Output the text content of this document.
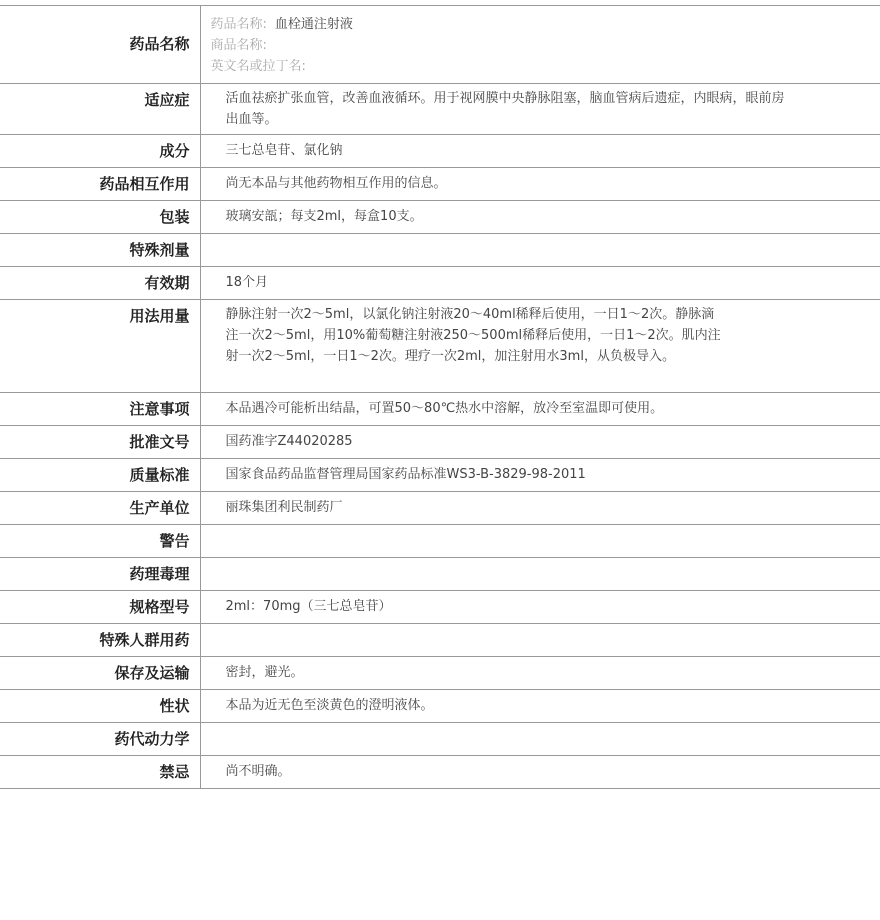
药品名称	药品名称: 血栓通注射液
商品名称:
英文名或拉丁名:

适应症	活血祛瘀扩张血管，改善血液循环。用于视网膜中央静脉阻塞，脑血管病后遗症，内眼病，眼前房出血等。

成分	三七总皂苷、氯化钠
药品相互作用	尚无本品与其他药物相互作用的信息。
包装	玻璃安瓿；每支2ml，每盒10支。
特殊剂量	
有效期	18个月
用法用量	静脉注射一次2～5ml，以氯化钠注射液20～40ml稀释后使用，一日1～2次。静脉滴注一次2～5ml，用10%葡萄糖注射液250～500ml稀释后使用，一日1～2次。肌内注射一次2～5ml，一日1～2次。理疗一次2ml，加注射用水3ml，从负极导入。

注意事项	本品遇冷可能析出结晶，可置50～80℃热水中溶解，放冷至室温即可使用。
批准文号	国药准字Z44020285
质量标准	国家食品药品监督管理局国家药品标准WS3-B-3829-98-2011
生产单位	丽珠集团利民制药厂
警告	
药理毒理	
规格型号	2ml：70mg（三七总皂苷）
特殊人群用药	
保存及运输	密封，避光。
性状	本品为近无色至淡黄色的澄明液体。
药代动力学	
禁忌	尚不明确。
